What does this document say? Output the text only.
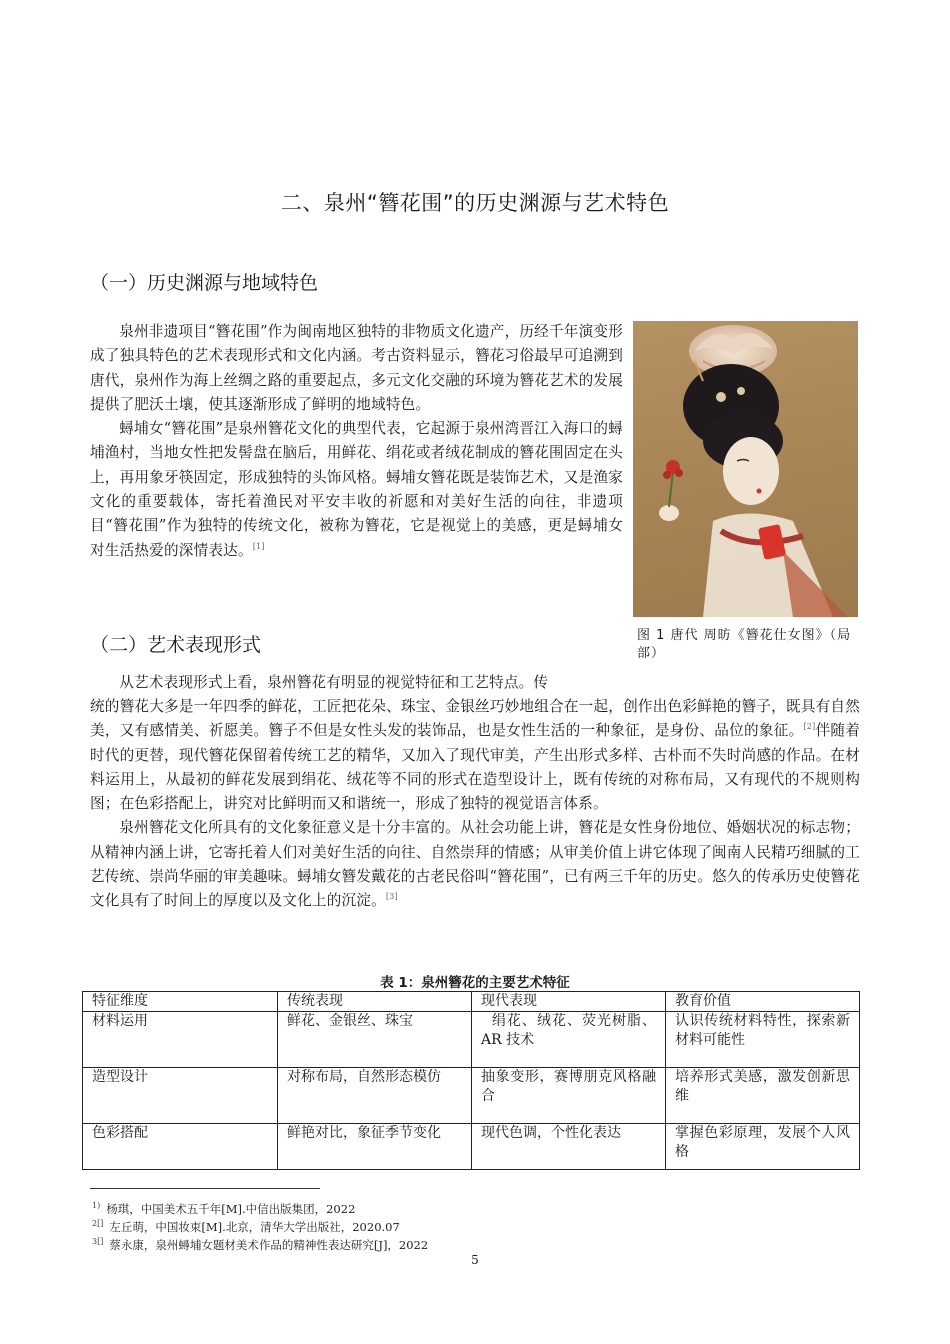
二、泉州“簪花围”的历史渊源与艺术特色
（一）历史渊源与地域特色
泉州非遗项目“簪花围”作为闽南地区独特的非物质文化遗产，历经千年演变形成了独具特色的艺术表现形式和文化内涵。考古资料显示，簪花习俗最早可追溯到唐代，泉州作为海上丝绸之路的重要起点，多元文化交融的环境为簪花艺术的发展提供了肥沃土壤，使其逐渐形成了鲜明的地域特色。
蟳埔女“簪花围”是泉州簪花文化的典型代表，它起源于泉州湾晋江入海口的蟳埔渔村，当地女性把发髻盘在脑后，用鲜花、绢花或者绒花制成的簪花围固定在头上，再用象牙筷固定，形成独特的头饰风格。蟳埔女簪花既是装饰艺术，又是渔家文化的重要载体，寄托着渔民对平安丰收的祈愿和对美好生活的向往，非遗项目“簪花围”作为独特的传统文化，被称为簪花，它是视觉上的美感，更是蟳埔女对生活热爱的深情表达。[1]
图 1 唐代 周昉《簪花仕女图》（局部）
（二）艺术表现形式
从艺术表现形式上看，泉州簪花有明显的视觉特征和工艺特点。传
统的簪花大多是一年四季的鲜花，工匠把花朵、珠宝、金银丝巧妙地组合在一起，创作出色彩鲜艳的簪子，既具有自然美，又有感情美、祈愿美。簪子不但是女性头发的装饰品，也是女性生活的一种象征，是身份、品位的象征。[2]伴随着时代的更替，现代簪花保留着传统工艺的精华，又加入了现代审美，产生出形式多样、古朴而不失时尚感的作品。在材料运用上，从最初的鲜花发展到绢花、绒花等不同的形式在造型设计上，既有传统的对称布局，又有现代的不规则构图；在色彩搭配上，讲究对比鲜明而又和谐统一，形成了独特的视觉语言体系。
泉州簪花文化所具有的文化象征意义是十分丰富的。从社会功能上讲，簪花是女性身份地位、婚姻状况的标志物；从精神内涵上讲，它寄托着人们对美好生活的向往、自然崇拜的情感；从审美价值上讲它体现了闽南人民精巧细腻的工艺传统、崇尚华丽的审美趣味。蟳埔女簪发戴花的古老民俗叫“簪花围”，已有两三千年的历史。悠久的传承历史使簪花文化具有了时间上的厚度以及文化上的沉淀。[3]
表 1：泉州簪花的主要艺术特征
特征维度	传统表现	现代表现	教育价值
材料运用	鲜花、金银丝、珠宝	绢花、绒花、荧光树脂、AR 技术	认识传统材料特性，探索新材料可能性
造型设计	对称布局，自然形态模仿	抽象变形，赛博朋克风格融合	培养形式美感，激发创新思维
色彩搭配	鲜艳对比，象征季节变化	现代色调，个性化表达	掌握色彩原理，发展个人风格
$^{1)}$ 杨琪，中国美术五千年[M].中信出版集团，2022
$^{2[]}$ 左丘萌，中国妆束[M].北京，清华大学出版社，2020.07
$^{3[]}$ 蔡永康，泉州蟳埔女题材美术作品的精神性表达研究[J]，2022
5
